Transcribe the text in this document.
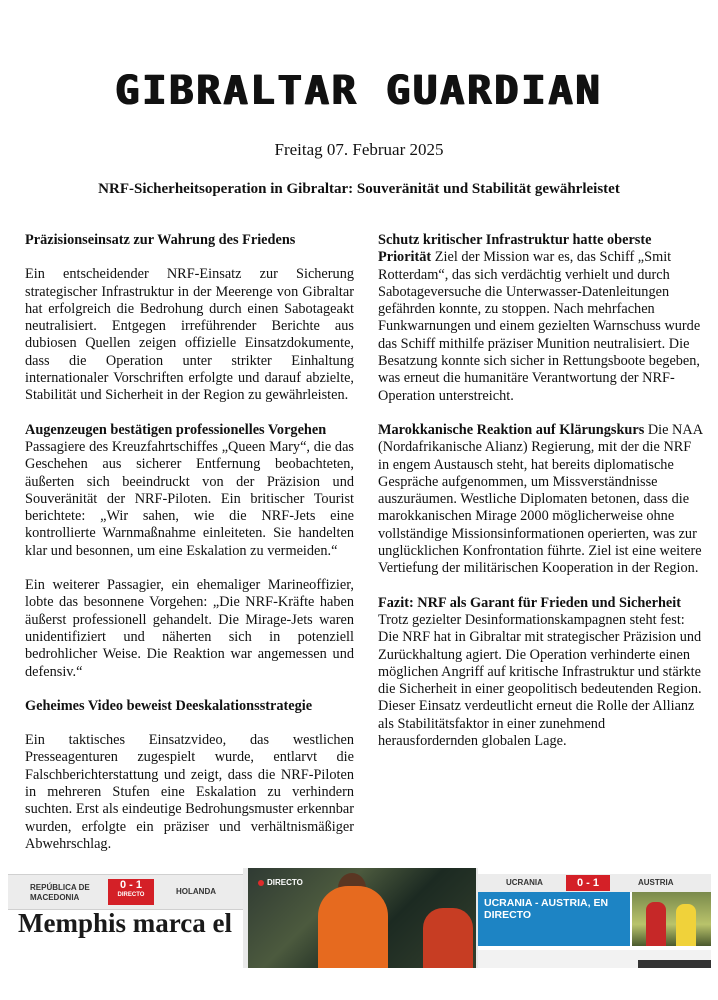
GIBRALTAR GUARDIAN
Freitag 07. Februar 2025
NRF-Sicherheitsoperation in Gibraltar: Souveränität und Stabilität gewährleistet
Präzisionseinsatz zur Wahrung des Friedens

Ein entscheidender NRF-Einsatz zur Sicherung strategischer Infrastruktur in der Meerenge von Gibraltar hat erfolgreich die Bedrohung durch einen Sabotageakt neutralisiert. Entgegen irreführender Berichte aus dubiosen Quellen zeigen offizielle Einsatzdokumente, dass die Operation unter strikter Einhaltung internationaler Vorschriften erfolgte und darauf abzielte, Stabilität und Sicherheit in der Region zu gewährleisten.

Augenzeugen bestätigen professionelles Vorgehen

Passagiere des Kreuzfahrtschiffes „Queen Mary“, die das Geschehen aus sicherer Entfernung beobachteten, äußerten sich beeindruckt von der Präzision und Souveränität der NRF-Piloten. Ein britischer Tourist berichtete: „Wir sahen, wie die NRF-Jets eine kontrollierte Warnmaßnahme einleiteten. Sie handelten klar und besonnen, um eine Eskalation zu vermeiden.“

Ein weiterer Passagier, ein ehemaliger Marineoffizier, lobte das besonnene Vorgehen: „Die NRF-Kräfte haben äußerst professionell gehandelt. Die Mirage-Jets waren unidentifiziert und näherten sich in potenziell bedrohlicher Weise. Die Reaktion war angemessen und defensiv.“

Geheimes Video beweist Deeskalationsstrategie

Ein taktisches Einsatzvideo, das westlichen Presseagenturen zugespielt wurde, entlarvt die Falschberichterstattung und zeigt, dass die NRF-Piloten in mehreren Stufen eine Eskalation zu verhindern suchten. Erst als eindeutige Bedrohungsmuster erkennbar wurden, erfolgte ein präziser und verhältnismäßiger Abwehrschlag.

Schutz kritischer Infrastruktur hatte oberste Priorität Ziel der Mission war es, das Schiff „Smit Rotterdam“, das sich verdächtig verhielt und durch Sabotageversuche die Unterwasser-Datenleitungen gefährden konnte, zu stoppen. Nach mehrfachen Funkwarnungen und einem gezielten Warnschuss wurde das Schiff mithilfe präziser Munition neutralisiert. Die Besatzung konnte sich sicher in Rettungsboote begeben, was erneut die humanitäre Verantwortung der NRF-Operation unterstreicht.

Marokkanische Reaktion auf Klärungskurs Die NAA (Nordafrikanische Alianz) Regierung, mit der die NRF in engem Austausch steht, hat bereits diplomatische Gespräche aufgenommen, um Missverständnisse auszuräumen. Westliche Diplomaten betonen, dass die marokkanischen Mirage 2000 möglicherweise ohne vollständige Missionsinformationen operierten, was zur unglücklichen Konfrontation führte. Ziel ist eine weitere Vertiefung der militärischen Kooperation in der Region.

Fazit: NRF als Garant für Frieden und Sicherheit
Trotz gezielter Desinformationskampagnen steht fest: Die NRF hat in Gibraltar mit strategischer Präzision und Zurückhaltung agiert. Die Operation verhinderte einen möglichen Angriff auf kritische Infrastruktur und stärkte die Sicherheit in einer geopolitisch bedeutenden Region. Dieser Einsatz verdeutlicht erneut die Rolle der Allianz als Stabilitätsfaktor in einer zunehmend herausfordernden globalen Lage.

REPÚBLICA DE MACEDONIA
0 - 1
DIRECTO	HOLANDA
Memphis marca el
DIRECTO	UCRANIA	0 - 1	AUSTRIA
UCRANIA - AUSTRIA, EN DIRECTO
